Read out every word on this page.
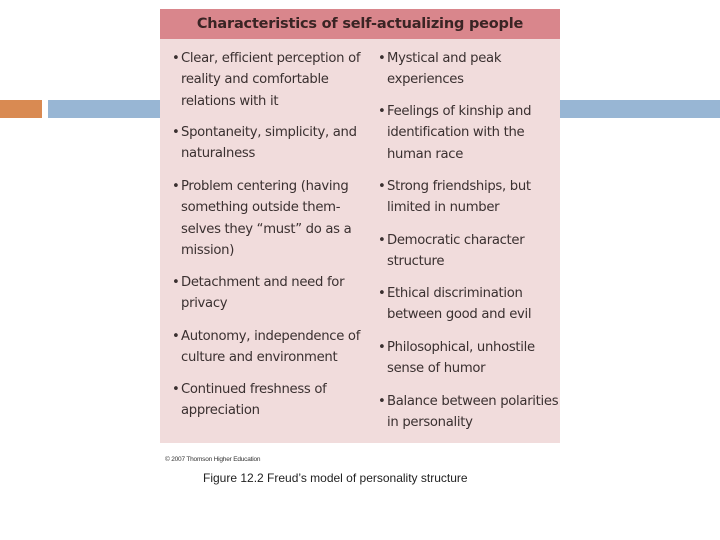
Characteristics of self-actualizing people

• Clear, efficient perception of reality and comfortable relations with it

• Spontaneity, simplicity, and naturalness

• Problem centering (having something outside them-selves they “must” do as a mission)

• Detachment and need for privacy

• Autonomy, independence of culture and environment

• Continued freshness of appreciation

• Mystical and peak experiences

• Feelings of kinship and identification with the human race

• Strong friendships, but limited in number

• Democratic character structure

• Ethical discrimination between good and evil

• Philosophical, unhostile sense of humor

• Balance between polarities in personality

© 2007 Thomson Higher Education
Figure 12.2 Freud’s model of personality structure
